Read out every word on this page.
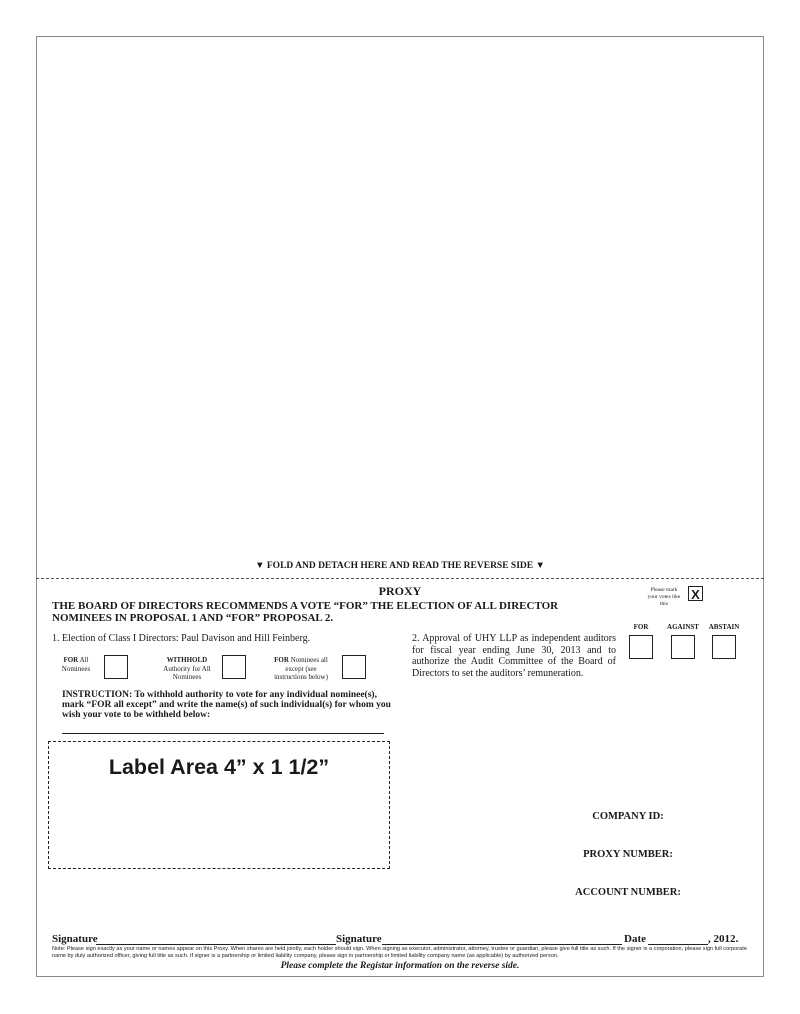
▼ FOLD AND DETACH HERE AND READ THE REVERSE SIDE ▼
PROXY
THE BOARD OF DIRECTORS RECOMMENDS A VOTE “FOR” THE ELECTION OF ALL DIRECTOR NOMINEES IN PROPOSAL 1 AND “FOR” PROPOSAL 2.
Please mark your votes like this
X
FOR	AGAINST	ABSTAIN
1. Election of Class I Directors: Paul Davison and Hill Feinberg.
FOR All
Nominees
WITHHOLD
Authority for All
Nominees
FOR Nominees all
except (see
instructions below)
INSTRUCTION: To withhold authority to vote for any individual nominee(s), mark “FOR all except” and write the name(s) of such individual(s) for whom you wish your vote to be withheld below:
2. Approval of UHY LLP as independent auditors for fiscal year ending June 30, 2013 and to authorize the Audit Committee of the Board of Directors to set the auditors’ remuneration.
Label Area 4” x 1 1/2”
COMPANY ID:
PROXY NUMBER:
ACCOUNT NUMBER:
Signature	Signature	Date	, 2012.
Note: Please sign exactly as your name or names appear on this Proxy. When shares are held jointly, each holder should sign. When signing as executor, administrator, attorney, trustee or guardian, please give full title as such. If the signer is a corporation, please sign full corporate name by duly authorized officer, giving full title as such. If signer is a partnership or limited liability company, please sign in partnership or limited liability company name (as applicable) by authorized person.
Please complete the Registar information on the reverse side.
